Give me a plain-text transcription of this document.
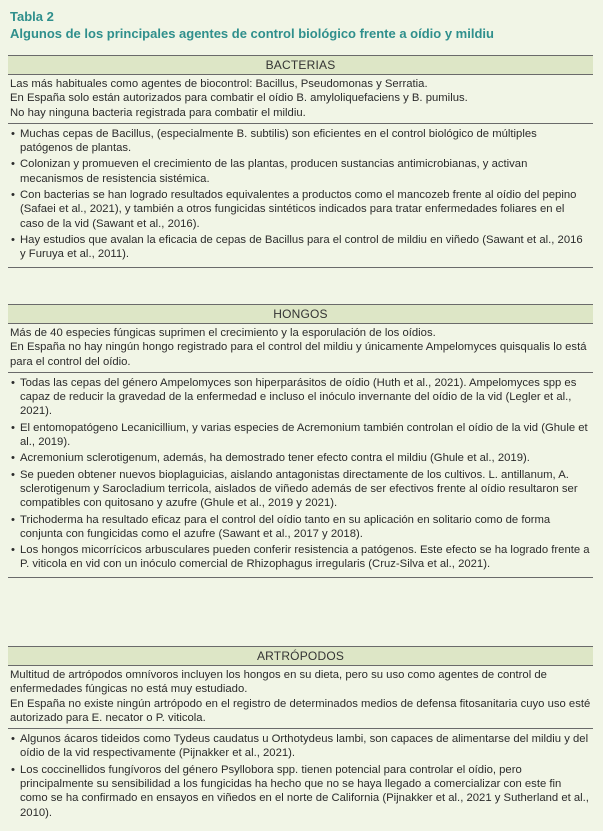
Tabla 2
Algunos de los principales agentes de control biológico frente a oídio y mildiu
BACTERIAS

Las más habituales como agentes de biocontrol: Bacillus, Pseudomonas y Serratia.

En España solo están autorizados para combatir el oídio B. amyloliquefaciens y B. pumilus.

No hay ninguna bacteria registrada para combatir el mildiu.

• Muchas cepas de Bacillus, (especialmente B. subtilis) son eficientes en el control biológico de múltiples patógenos de plantas.
• Colonizan y promueven el crecimiento de las plantas, producen sustancias antimicrobianas, y activan mecanismos de resistencia sistémica.
• Con bacterias se han logrado resultados equivalentes a productos como el mancozeb frente al oídio del pepino (Safaei et al., 2021), y también a otros fungicidas sintéticos indicados para tratar enfermedades foliares en el caso de la vid (Sawant et al., 2016).
• Hay estudios que avalan la eficacia de cepas de Bacillus para el control de mildiu en viñedo (Sawant et al., 2016 y Furuya et al., 2011).
HONGOS

Más de 40 especies fúngicas suprimen el crecimiento y la esporulación de los oídios.

En España no hay ningún hongo registrado para el control del mildiu y únicamente Ampelomyces quisqualis lo está para el control del oídio.

• Todas las cepas del género Ampelomyces son hiperparásitos de oídio (Huth et al., 2021). Ampelomyces spp es capaz de reducir la gravedad de la enfermedad e incluso el inóculo invernante del oídio de la vid (Legler et al., 2021).
• El entomopatógeno Lecanicillium, y varias especies de Acremonium también controlan el oídio de la vid (Ghule et al., 2019).
• Acremonium sclerotigenum, además, ha demostrado tener efecto contra el mildiu (Ghule et al., 2019).
• Se pueden obtener nuevos bioplaguicias, aislando antagonistas directamente de los cultivos. L. antillanum, A. sclerotigenum y Sarocladium terricola, aislados de viñedo además de ser efectivos frente al oídio resultaron ser compatibles con quitosano y azufre (Ghule et al., 2019 y 2021).
• Trichoderma ha resultado eficaz para el control del oídio tanto en su aplicación en solitario como de forma conjunta con fungicidas como el azufre (Sawant et al., 2017 y 2018).
• Los hongos micorrícicos arbusculares pueden conferir resistencia a patógenos. Este efecto se ha logrado frente a P. viticola en vid con un inóculo comercial de Rhizophagus irregularis (Cruz-Silva et al., 2021).
ARTRÓPODOS

Multitud de artrópodos omnívoros incluyen los hongos en su dieta, pero su uso como agentes de control de enfermedades fúngicas no está muy estudiado.

En España no existe ningún artrópodo en el registro de determinados medios de defensa fitosanitaria cuyo uso esté autorizado para E. necator o P. viticola.

• Algunos ácaros tideidos como Tydeus caudatus u Orthotydeus lambi, son capaces de alimentarse del mildiu y del oídio de la vid respectivamente (Pijnakker et al., 2021).
• Los coccinellidos fungívoros del género Psyllobora spp. tienen potencial para controlar el oídio, pero principalmente su sensibilidad a los fungicidas ha hecho que no se haya llegado a comercializar con este fin como se ha confirmado en ensayos en viñedos en el norte de California (Pijnakker et al., 2021 y Sutherland et al., 2010).
